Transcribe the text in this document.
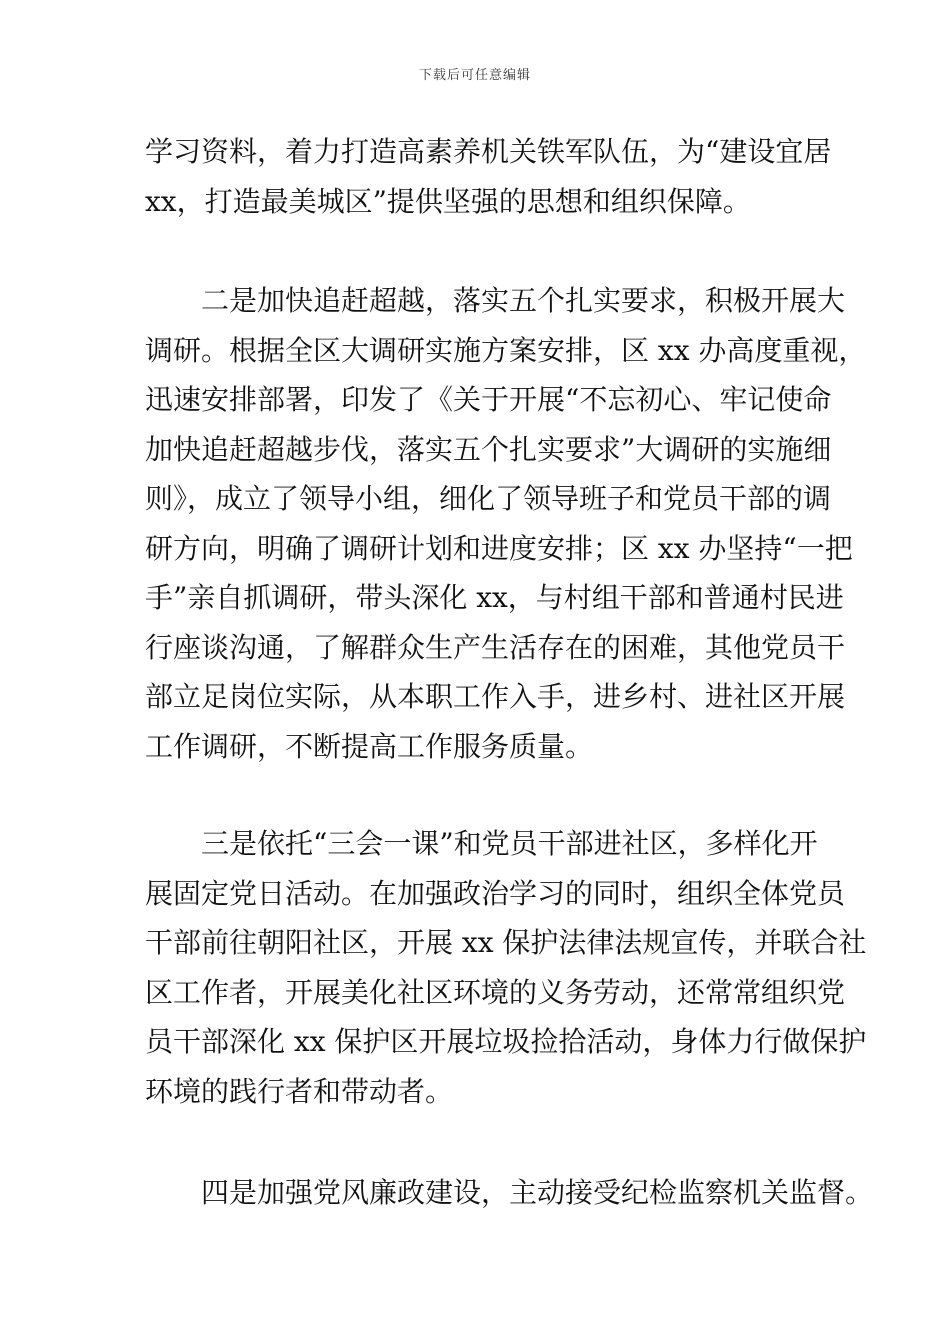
下载后可任意编辑
学习资料，着力打造高素养机关铁军队伍，为“建设宜居
xx，打造最美城区”提供坚强的思想和组织保障。
二是加快追赶超越，落实五个扎实要求，积极开展大
调研。根据全区大调研实施方案安排，区 xx 办高度重视，
迅速安排部署，印发了《关于开展“不忘初心、牢记使命
加快追赶超越步伐，落实五个扎实要求”大调研的实施细
则》，成立了领导小组，细化了领导班子和党员干部的调
研方向，明确了调研计划和进度安排；区 xx 办坚持“一把
手”亲自抓调研，带头深化 xx，与村组干部和普通村民进
行座谈沟通，了解群众生产生活存在的困难，其他党员干
部立足岗位实际，从本职工作入手，进乡村、进社区开展
工作调研，不断提高工作服务质量。
三是依托“三会一课”和党员干部进社区，多样化开
展固定党日活动。在加强政治学习的同时，组织全体党员
干部前往朝阳社区，开展 xx 保护法律法规宣传，并联合社
区工作者，开展美化社区环境的义务劳动，还常常组织党
员干部深化 xx 保护区开展垃圾捡拾活动，身体力行做保护
环境的践行者和带动者。
四是加强党风廉政建设，主动接受纪检监察机关监督。
